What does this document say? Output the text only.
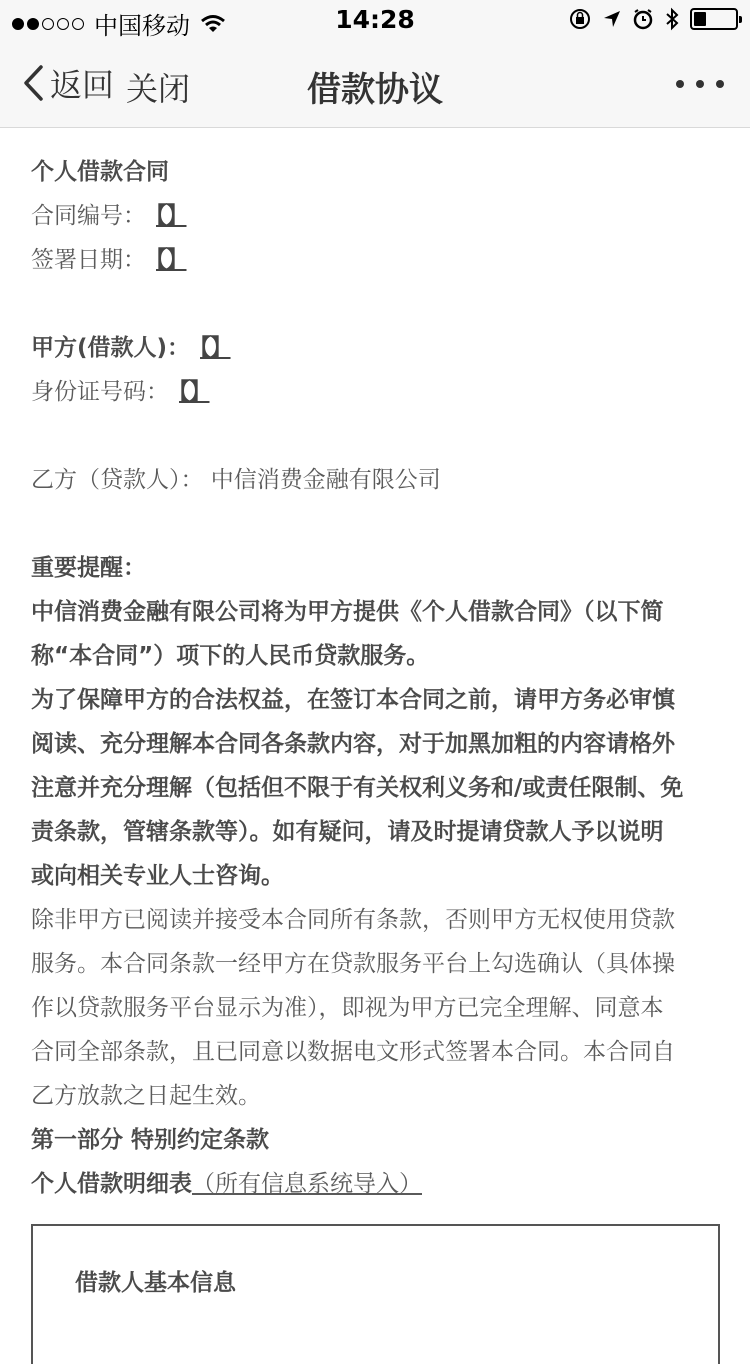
中国移动	14:28
返回 关闭	借款协议
个人借款合同
合同编号： 【】
签署日期： 【】
甲方(借款人)： 【】
身份证号码： 【】
乙方（贷款人）： 中信消费金融有限公司
重要提醒：
中信消费金融有限公司将为甲方提供《个人借款合同》（以下简
称“本合同”）项下的人民币贷款服务。
为了保障甲方的合法权益，在签订本合同之前，请甲方务必审慎
阅读、充分理解本合同各条款内容，对于加黑加粗的内容请格外
注意并充分理解（包括但不限于有关权利义务和/或责任限制、免
责条款，管辖条款等）。如有疑问，请及时提请贷款人予以说明
或向相关专业人士咨询。
除非甲方已阅读并接受本合同所有条款，否则甲方无权使用贷款
服务。本合同条款一经甲方在贷款服务平台上勾选确认（具体操
作以贷款服务平台显示为准），即视为甲方已完全理解、同意本
合同全部条款，且已同意以数据电文形式签署本合同。本合同自
乙方放款之日起生效。
第一部分 特别约定条款
个人借款明细表（所有信息系统导入）
借款人基本信息
